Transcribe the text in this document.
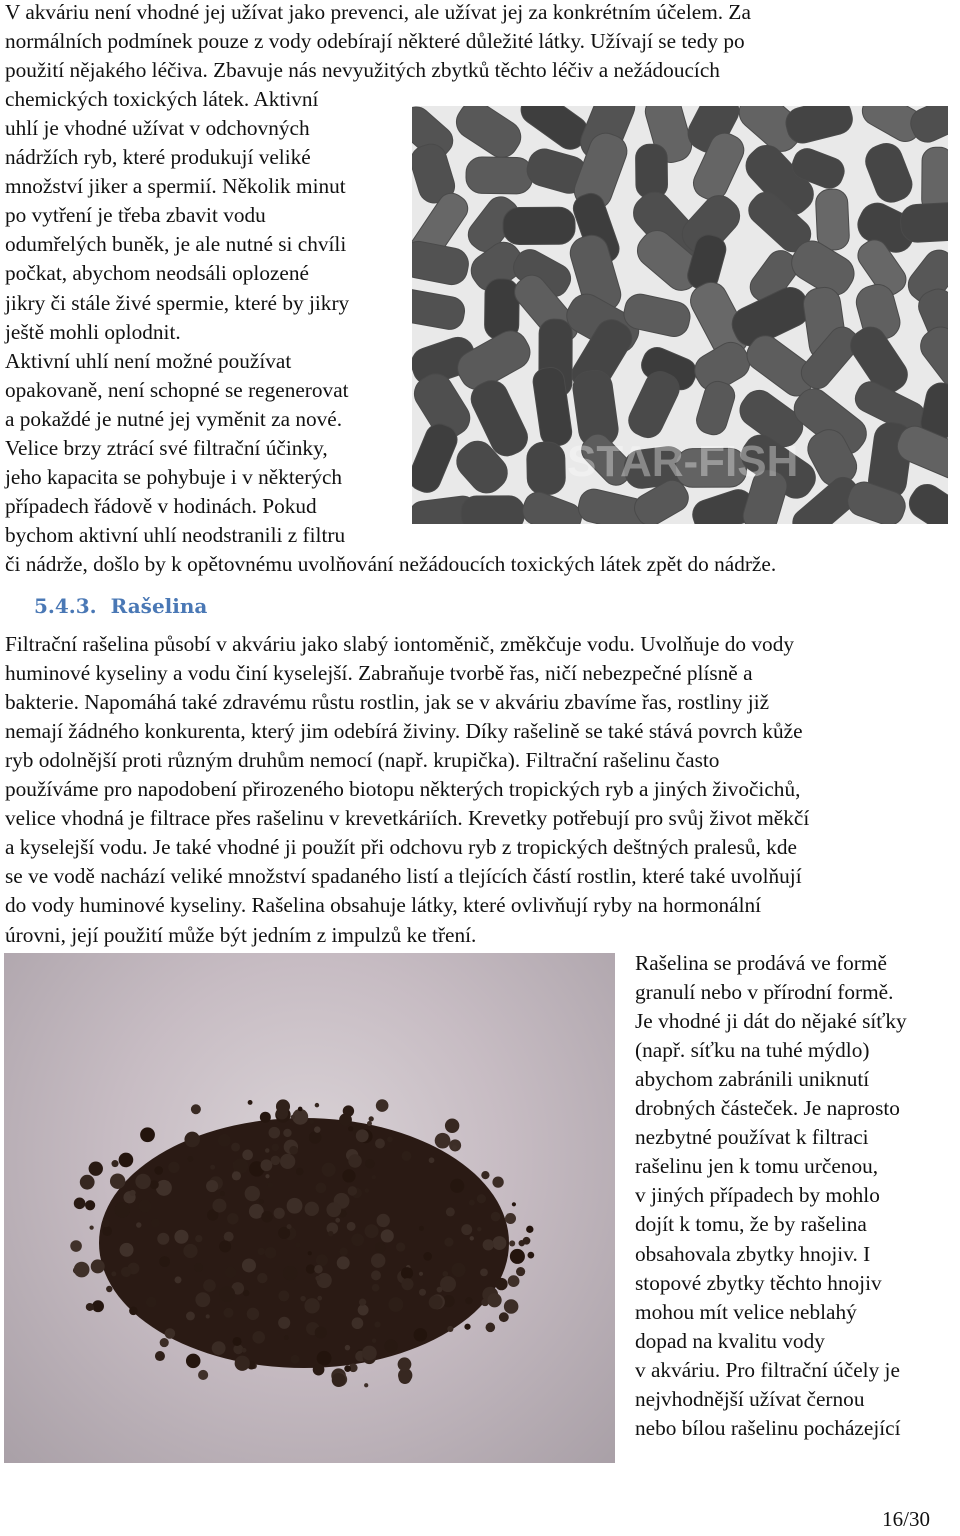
V akváriu není vhodné jej užívat jako prevenci, ale užívat jej za konkrétním účelem. Za

normálních podmínek pouze z vody odebírají některé důležité látky. Užívají se tedy po

použití nějakého léčiva. Zbavuje nás nevyužitých zbytků těchto léčiv a nežádoucích

chemických toxických látek. Aktivní

uhlí je vhodné užívat v odchovných

nádržích ryb, které produkují veliké

množství jiker a spermií. Několik minut

po vytření je třeba zbavit vodu

odumřelých buněk, je ale nutné si chvíli

počkat, abychom neodsáli oplozené

jikry či stále živé spermie, které by jikry

ještě mohli oplodnit.

Aktivní uhlí není možné používat

opakovaně, není schopné se regenerovat

a pokaždé je nutné jej vyměnit za nové.

Velice brzy ztrácí své filtrační účinky,

jeho kapacita se pohybuje i v některých

případech řádově v hodinách. Pokud

bychom aktivní uhlí neodstranili z filtru

či nádrže, došlo by k opětovnému uvolňování nežádoucích toxických látek zpět do nádrže.

STAR-FISH
5.4.3. Rašelina

Filtrační rašelina působí v akváriu jako slabý iontoměnič, změkčuje vodu. Uvolňuje do vody

huminové kyseliny a vodu činí kyselejší. Zabraňuje tvorbě řas, ničí nebezpečné plísně a

bakterie. Napomáhá také zdravému růstu rostlin, jak se v akváriu zbavíme řas, rostliny již

nemají žádného konkurenta, který jim odebírá živiny. Díky rašelině se také stává povrch kůže

ryb odolnější proti různým druhům nemocí (např. krupička). Filtrační rašelinu často

používáme pro napodobení přirozeného biotopu některých tropických ryb a jiných živočichů,

velice vhodná je filtrace přes rašelinu v krevetkáriích. Krevetky potřebují pro svůj život měkčí

a kyselejší vodu. Je také vhodné ji použít při odchovu ryb z tropických deštných pralesů, kde

se ve vodě nachází veliké množství spadaného listí a tlejících částí rostlin, které také uvolňují

do vody huminové kyseliny. Rašelina obsahuje látky, které ovlivňují ryby na hormonální

úrovni, její použití může být jedním z impulzů ke tření.

Rašelina se prodává ve formě

granulí nebo v přírodní formě.

Je vhodné ji dát do nějaké síťky

(např. síťku na tuhé mýdlo)

abychom zabránili uniknutí

drobných částeček. Je naprosto

nezbytné používat k filtraci

rašelinu jen k tomu určenou,

v jiných případech by mohlo

dojít k tomu, že by rašelina

obsahovala zbytky hnojiv. I

stopové zbytky těchto hnojiv

mohou mít velice neblahý

dopad na kvalitu vody

v akváriu. Pro filtrační účely je

nejvhodnější užívat černou

nebo bílou rašelinu pocházející

16/30
